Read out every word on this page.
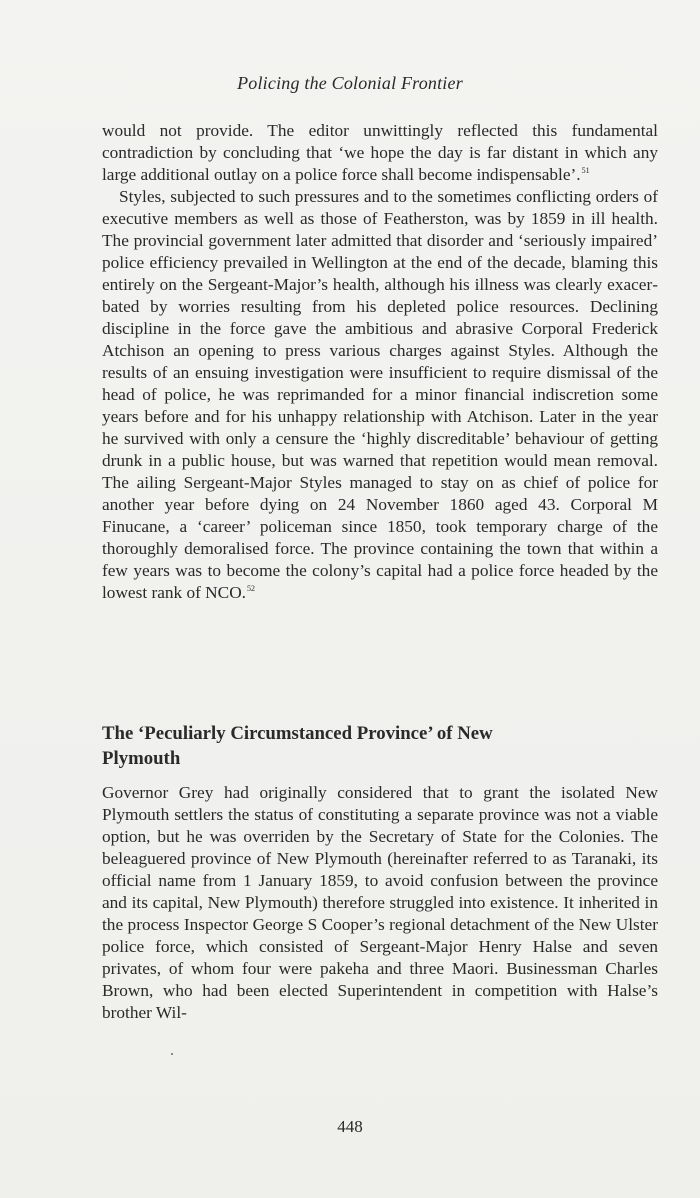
Policing the Colonial Frontier

would not provide. The editor unwittingly reflected this fundamental contradiction by concluding that ‘we hope the day is far distant in which any large additional outlay on a police force shall become indispensable’.$^{51}$

Styles, subjected to such pressures and to the sometimes conflicting orders of executive members as well as those of Featherston, was by 1859 in ill health. The provincial government later admitted that disorder and ‘seriously impaired’ police efficiency prevailed in Wellington at the end of the decade, blaming this entirely on the Sergeant-Major’s health, although his illness was clearly exacerbated by worries resulting from his depleted police resources. Declining discipline in the force gave the ambitious and abrasive Corporal Frederick Atchison an opening to press various charges against Styles. Although the results of an ensuing investigation were insufficient to require dismissal of the head of police, he was reprimanded for a minor financial indiscretion some years before and for his unhappy relationship with Atchison. Later in the year he survived with only a censure the ‘highly discreditable’ behaviour of getting drunk in a public house, but was warned that repetition would mean removal. The ailing Sergeant-Major Styles managed to stay on as chief of police for another year before dying on 24 November 1860 aged 43. Corporal M Finucane, a ‘career’ policeman since 1850, took temporary charge of the thoroughly demoralised force. The province containing the town that within a few years was to become the colony’s capital had a police force headed by the lowest rank of NCO.$^{52}$

The ‘Peculiarly Circumstanced Province’ of New
Plymouth

Governor Grey had originally considered that to grant the isolated New Plymouth settlers the status of constituting a separate province was not a viable option, but he was overriden by the Secretary of State for the Colonies. The beleaguered province of New Plymouth (hereinafter referred to as Taranaki, its official name from 1 January 1859, to avoid confusion between the province and its capital, New Plymouth) therefore struggled into existence. It inherited in the process Inspector George S Cooper’s regional detachment of the New Ulster police force, which consisted of Sergeant-Major Henry Halse and seven privates, of whom four were pakeha and three Maori. Businessman Charles Brown, who had been elected Superintendent in competition with Halse’s brother Wil-

448
